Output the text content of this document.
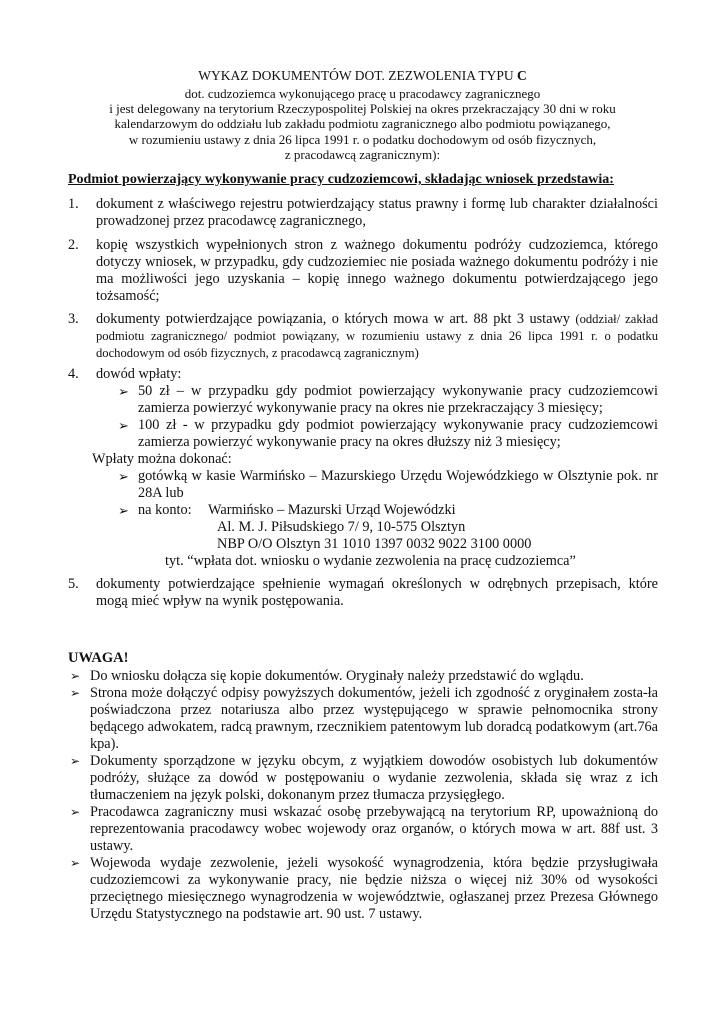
WYKAZ DOKUMENTÓW DOT. ZEZWOLENIA TYPU C
dot. cudzoziemca wykonującego pracę u pracodawcy zagranicznego
i jest delegowany na terytorium Rzeczypospolitej Polskiej na okres przekraczający 30 dni w roku
kalendarzowym do oddziału lub zakładu podmiotu zagranicznego albo podmiotu powiązanego,
w rozumieniu ustawy z dnia 26 lipca 1991 r. o podatku dochodowym od osób fizycznych,
z pracodawcą zagranicznym):
Podmiot powierzający wykonywanie pracy cudzoziemcowi, składając wniosek przedstawia:
1. dokument z właściwego rejestru potwierdzający status prawny i formę lub charakter działalności prowadzonej przez pracodawcę zagranicznego,
2. kopię wszystkich wypełnionych stron z ważnego dokumentu podróży cudzoziemca, którego dotyczy wniosek, w przypadku, gdy cudzoziemiec nie posiada ważnego dokumentu podróży i nie ma możliwości jego uzyskania – kopię innego ważnego dokumentu potwierdzającego jego tożsamość;
3. dokumenty potwierdzające powiązania, o których mowa w art. 88 pkt 3 ustawy (oddział/ zakład podmiotu zagranicznego/ podmiot powiązany, w rozumieniu ustawy z dnia 26 lipca 1991 r. o podatku dochodowym od osób fizycznych, z pracodawcą zagranicznym)
4. dowód wpłaty:
➢ 50 zł – w przypadku gdy podmiot powierzający wykonywanie pracy cudzoziemcowi zamierza powierzyć wykonywanie pracy na okres nie przekraczający 3 miesięcy;
➢ 100 zł - w przypadku gdy podmiot powierzający wykonywanie pracy cudzoziemcowi zamierza powierzyć wykonywanie pracy na okres dłuższy niż 3 miesięcy;
Wpłaty można dokonać:
➢ gotówką w kasie Warmińsko – Mazurskiego Urzędu Wojewódzkiego w Olsztynie pok. nr 28A lub
➢ na konto: Warmińsko – Mazurski Urząd Wojewódzki
Al. M. J. Piłsudskiego 7/ 9, 10-575 Olsztyn
NBP O/O Olsztyn 31 1010 1397 0032 9022 3100 0000
tyt. “wpłata dot. wniosku o wydanie zezwolenia na pracę cudzoziemca”
5. dokumenty potwierdzające spełnienie wymagań określonych w odrębnych przepisach, które mogą mieć wpływ na wynik postępowania.
UWAGA!
➢ Do wniosku dołącza się kopie dokumentów. Oryginały należy przedstawić do wglądu.
➢ Strona może dołączyć odpisy powyższych dokumentów, jeżeli ich zgodność z oryginałem zosta-ła poświadczona przez notariusza albo przez występującego w sprawie pełnomocnika strony będącego adwokatem, radcą prawnym, rzecznikiem patentowym lub doradcą podatkowym (art.76a kpa).
➢ Dokumenty sporządzone w języku obcym, z wyjątkiem dowodów osobistych lub dokumentów podróży, służące za dowód w postępowaniu o wydanie zezwolenia, składa się wraz z ich tłumaczeniem na język polski, dokonanym przez tłumacza przysięgłego.
➢ Pracodawca zagraniczny musi wskazać osobę przebywającą na terytorium RP, upoważnioną do reprezentowania pracodawcy wobec wojewody oraz organów, o których mowa w art. 88f ust. 3 ustawy.
➢ Wojewoda wydaje zezwolenie, jeżeli wysokość wynagrodzenia, która będzie przysługiwała cudzoziemcowi za wykonywanie pracy, nie będzie niższa o więcej niż 30% od wysokości przeciętnego miesięcznego wynagrodzenia w województwie, ogłaszanej przez Prezesa Głównego Urzędu Statystycznego na podstawie art. 90 ust. 7 ustawy.
